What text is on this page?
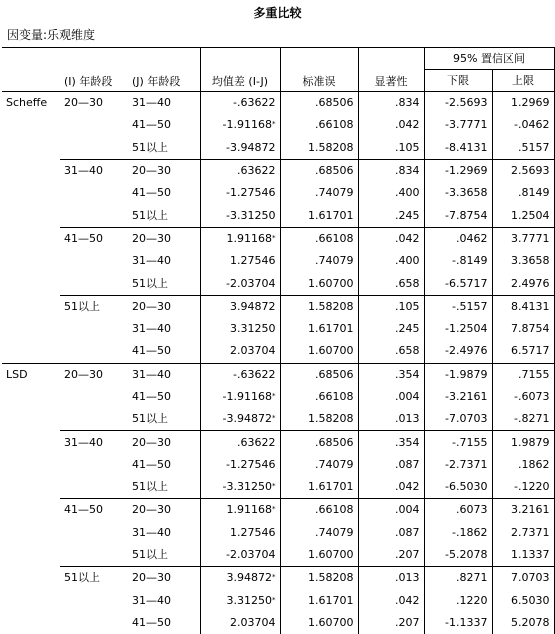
多重比较
因变量:乐观维度
	(I) 年龄段	(J) 年龄段	均值差 (I-J)	标准误	显著性	95% 置信区间	
						下限	上限
Scheffe	20—30	31—40	-.63622	.68506	.834	-2.5693	1.2969
		41—50	-1.91168*	.66108	.042	-3.7771	-.0462
		51以上	-3.94872	1.58208	.105	-8.4131	.5157
	31—40	20—30	.63622	.68506	.834	-1.2969	2.5693
		41—50	-1.27546	.74079	.400	-3.3658	.8149
		51以上	-3.31250	1.61701	.245	-7.8754	1.2504
	41—50	20—30	1.91168*	.66108	.042	.0462	3.7771
		31—40	1.27546	.74079	.400	-.8149	3.3658
		51以上	-2.03704	1.60700	.658	-6.5717	2.4976
	51以上	20—30	3.94872	1.58208	.105	-.5157	8.4131
		31—40	3.31250	1.61701	.245	-1.2504	7.8754
		41—50	2.03704	1.60700	.658	-2.4976	6.5717
LSD	20—30	31—40	-.63622	.68506	.354	-1.9879	.7155
		41—50	-1.91168*	.66108	.004	-3.2161	-.6073
		51以上	-3.94872*	1.58208	.013	-7.0703	-.8271
	31—40	20—30	.63622	.68506	.354	-.7155	1.9879
		41—50	-1.27546	.74079	.087	-2.7371	.1862
		51以上	-3.31250*	1.61701	.042	-6.5030	-.1220
	41—50	20—30	1.91168*	.66108	.004	.6073	3.2161
		31—40	1.27546	.74079	.087	-.1862	2.7371
		51以上	-2.03704	1.60700	.207	-5.2078	1.1337
	51以上	20—30	3.94872*	1.58208	.013	.8271	7.0703
		31—40	3.31250*	1.61701	.042	.1220	6.5030
		41—50	2.03704	1.60700	.207	-1.1337	5.2078
